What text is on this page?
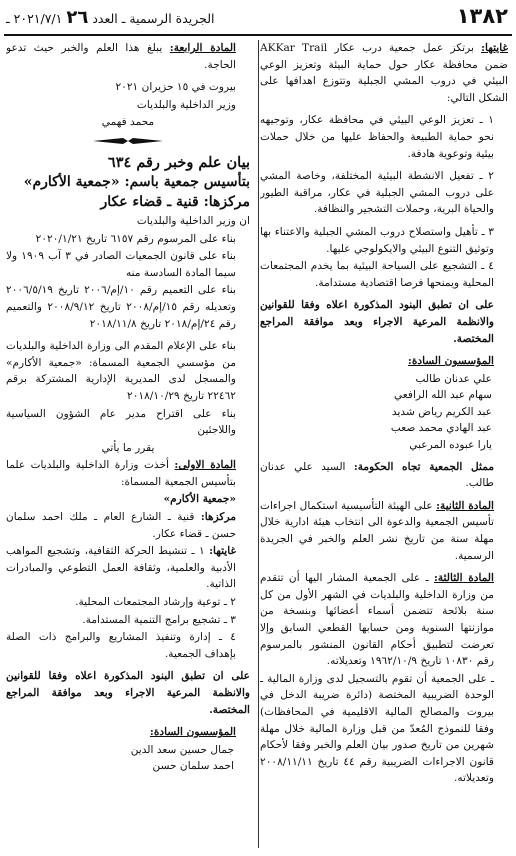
١٣٨٢
الجريدة الرسمية ـ العدد ٢٦ ٢٠٢١/٧/١ ـ

غايتها: برتكز عمل جمعية درب عكار AKKar Trail ضمن محافظة عكار حول حماية البيئة وتعزيز الوعي البيئي في دروب المشي الجبلية وتتوزع اهدافها على الشكل التالي:

١ ـ تعزيز الوعي البيئي في محافظة عكار، وتوجيهه نحو حماية الطبيعة والحفاظ عليها من خلال حملات بيئية وتوعوية هادفة.

٢ ـ تفعيل الانشطة البيئية المختلفة، وخاصة المشي على دروب المشي الجبلية في عكار، مراقبة الطيور والحياة البرية، وحملات التشجير والنظافة.

٣ ـ تأهيل واستصلاح دروب المشي الجبلية والاعتناء بها وتوثيق التنوع البيئي والايكولوجي عليها.

٤ ـ التشجيع على السياحة البيئية بما يخدم المجتمعات المحلية ويمنحها فرصا اقتصادية مستدامة.

على ان تطبق البنود المذكورة اعلاه وفقا للقوانين والانظمة المرعية الاجراء وبعد موافقة المراجع المختصة.

المؤسسون السادة:

علي عدنان طالب

سهام عبد الله الرافعي

عبد الكريم رياض شديد

عبد الهادي محمد صعب

يارا عبوده المرعبي

ممثل الجمعية تجاه الحكومة: السيد علي عدنان طالب.

المادة الثانية: على الهيئة التأسيسية استكمال اجراءات تأسيس الجمعية والدعوة الى انتخاب هيئة ادارية خلال مهلة سنة من تاريخ نشر العلم والخبر في الجريدة الرسمية.

المادة الثالثة: ـ على الجمعية المشار اليها أن تتقدم من وزارة الداخلية والبلديات في الشهر الأول من كل سنة بلائحة تتضمن أسماء أعضائها وبنسخة من موازنتها السنوية ومن حسابها القطعي السابق وإلا تعرضت لتطبيق أحكام القانون المنشور بالمرسوم رقم ١٠٨٣٠ تاريخ ١٩٦٢/١٠/٩ وتعديلاته.

ـ على الجمعية أن تقوم بالتسجيل لدى وزارة المالية ـ الوحدة الضريبية المختصة (دائرة ضريبة الدخل في بيروت والمصالح المالية الاقليمية في المحافظات) وفقا للنموذج المُعدّ من قبل وزارة المالية خلال مهلة شهرين من تاريخ صدور بيان العلم والخبر وفقا لأحكام قانون الاجراءات الضريبية رقم ٤٤ تاريخ ٢٠٠٨/١١/١١ وتعديلاته.

المادة الرابعة: يبلغ هذا العلم والخبر حيث تدعو الحاجة.

بيروت في ١٥ حزيران ٢٠٢١

وزير الداخلية والبلديات

محمد فهمي

بيان علم وخبر رقم ٦٣٤

بتأسيس جمعية باسم: «جمعية الأكارم»

مركزها: قنية ـ قضاء عكار

ان وزير الداخلية والبلديات

بناء على المرسوم رقم ٦١٥٧ تاريخ ٢٠٢٠/١/٢١

بناء على قانون الجمعيات الصادر في ٣ آب ١٩٠٩ ولا سيما المادة السادسة منه

بناء على التعميم رقم ١٠/إم/٢٠٠٦ تاريخ ٢٠٠٦/٥/١٩ وتعديله رقم ١٥/إم/٢٠٠٨ تاريخ ٢٠٠٨/٩/١٢ والتعميم رقم ٢٤/إم/٢٠١٨ تاريخ ٢٠١٨/١١/٨

بناء على الإعلام المقدم الى وزارة الداخلية والبلديات من مؤسسي الجمعية المسماة: «جمعية الأكارم» والمسجل لدى المديرية الإدارية المشتركة برقم ٢٢٤٦٢ تاريخ ٢٠١٨/١٠/٢٩

بناء على اقتراح مدير عام الشؤون السياسية واللاجئين

يقرر ما يأتي

المادة الاولى: أخذت وزارة الداخلية والبلديات علما بتأسيس الجمعية المسماة:

«جمعية الأكارم»

مركزها: قنية ـ الشارع العام ـ ملك احمد سلمان حسن ـ قضاء عكار.

غايتها: ١ ـ تنشيط الحركة الثقافية، وتشجيع المواهب الأدبية والعلمية، وثقافة العمل التطوعي والمبادرات الذاتية.

٢ ـ توعية وإرشاد المجتمعات المحلية.

٣ ـ تشجيع برامج التنمية المستدامة.

٤ ـ إدارة وتنفيذ المشاريع والبرامج ذات الصلة بإهداف الجمعية.

على ان تطبق البنود المذكورة اعلاه وفقا للقوانين والانظمة المرعية الاجراء وبعد موافقة المراجع المختصة.

المؤسسون السادة:

جمال حسين سعد الدين

احمد سلمان حسن
